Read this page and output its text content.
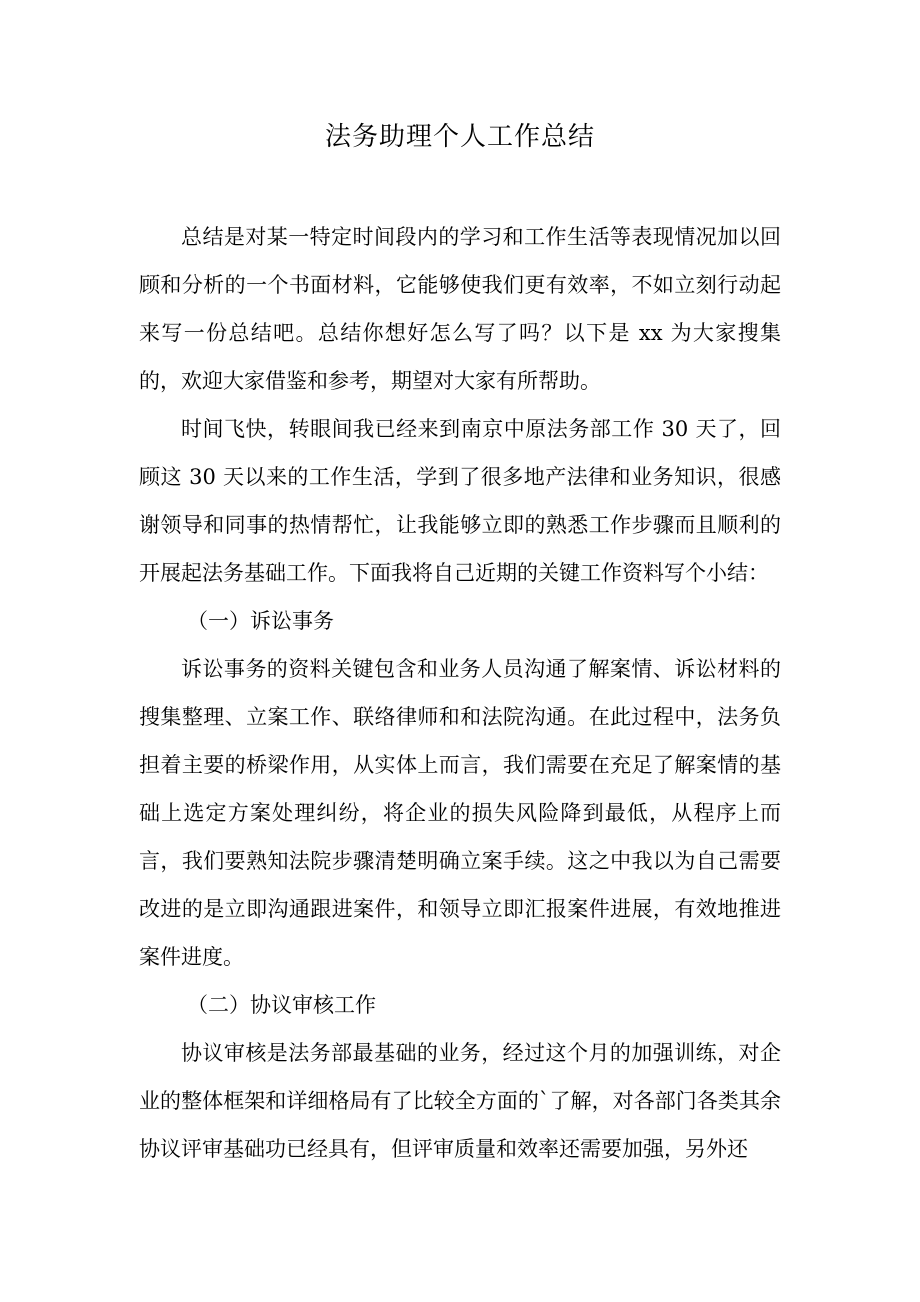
法务助理个人工作总结

总结是对某一特定时间段内的学习和工作生活等表现情况加以回顾和分析的一个书面材料，它能够使我们更有效率，不如立刻行动起来写一份总结吧。总结你想好怎么写了吗？以下是 xx 为大家搜集的，欢迎大家借鉴和参考，期望对大家有所帮助。

时间飞快，转眼间我已经来到南京中原法务部工作 30 天了，回顾这 30 天以来的工作生活，学到了很多地产法律和业务知识，很感谢领导和同事的热情帮忙，让我能够立即的熟悉工作步骤而且顺利的开展起法务基础工作。下面我将自己近期的关键工作资料写个小结：

（一）诉讼事务

诉讼事务的资料关键包含和业务人员沟通了解案情、诉讼材料的搜集整理、立案工作、联络律师和和法院沟通。在此过程中，法务负担着主要的桥梁作用，从实体上而言，我们需要在充足了解案情的基础上选定方案处理纠纷，将企业的损失风险降到最低，从程序上而言，我们要熟知法院步骤清楚明确立案手续。这之中我以为自己需要改进的是立即沟通跟进案件，和领导立即汇报案件进展，有效地推进案件进度。

（二）协议审核工作

协议审核是法务部最基础的业务，经过这个月的加强训练，对企业的整体框架和详细格局有了比较全方面的`了解，对各部门各类其余协议评审基础功已经具有，但评审质量和效率还需要加强，另外还
